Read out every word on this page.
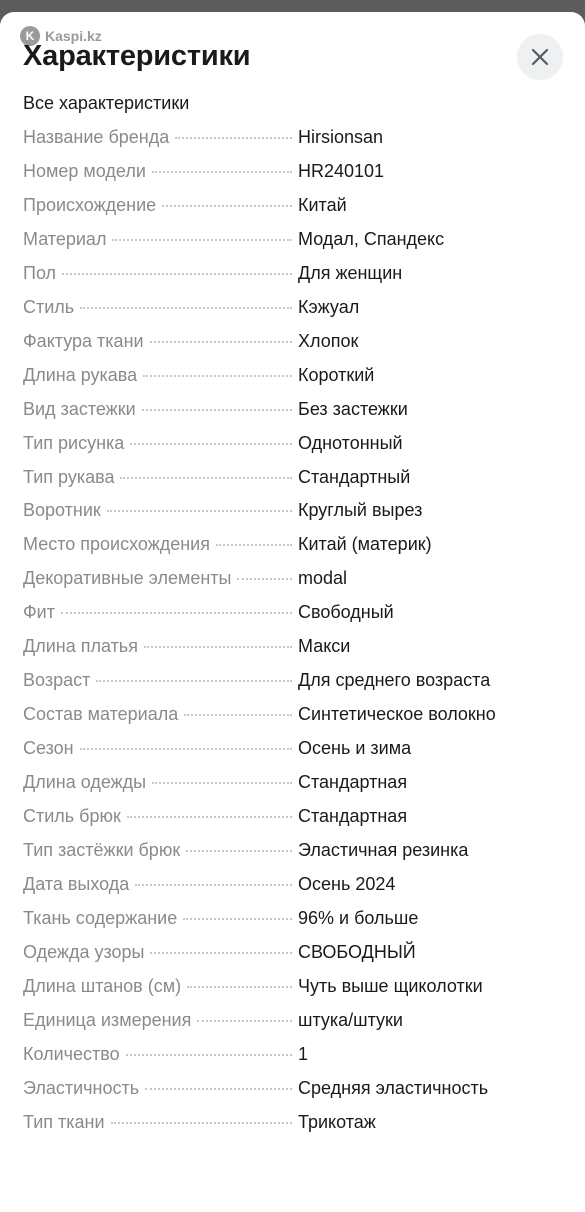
K Kaspi.kz
Характеристики
Все характеристики
Название бренда	Hirsionsan
Номер модели	HR240101
Происхождение	Китай
Материал	Модал, Спандекс
Пол	Для женщин
Стиль	Кэжуал
Фактура ткани	Хлопок
Длина рукава	Короткий
Вид застежки	Без застежки
Тип рисунка	Однотонный
Тип рукава	Стандартный
Воротник	Круглый вырез
Место происхождения	Китай (материк)
Декоративные элементы	modal
Фит	Свободный
Длина платья	Макси
Возраст	Для среднего возраста
Состав материала	Синтетическое волокно
Сезон	Осень и зима
Длина одежды	Стандартная
Стиль брюк	Стандартная
Тип застёжки брюк	Эластичная резинка
Дата выхода	Осень 2024
Ткань содержание	96% и больше
Одежда узоры	СВОБОДНЫЙ
Длина штанов (см)	Чуть выше щиколотки
Единица измерения	штука/штуки
Количество	1
Эластичность	Средняя эластичность
Тип ткани	Трикотаж
